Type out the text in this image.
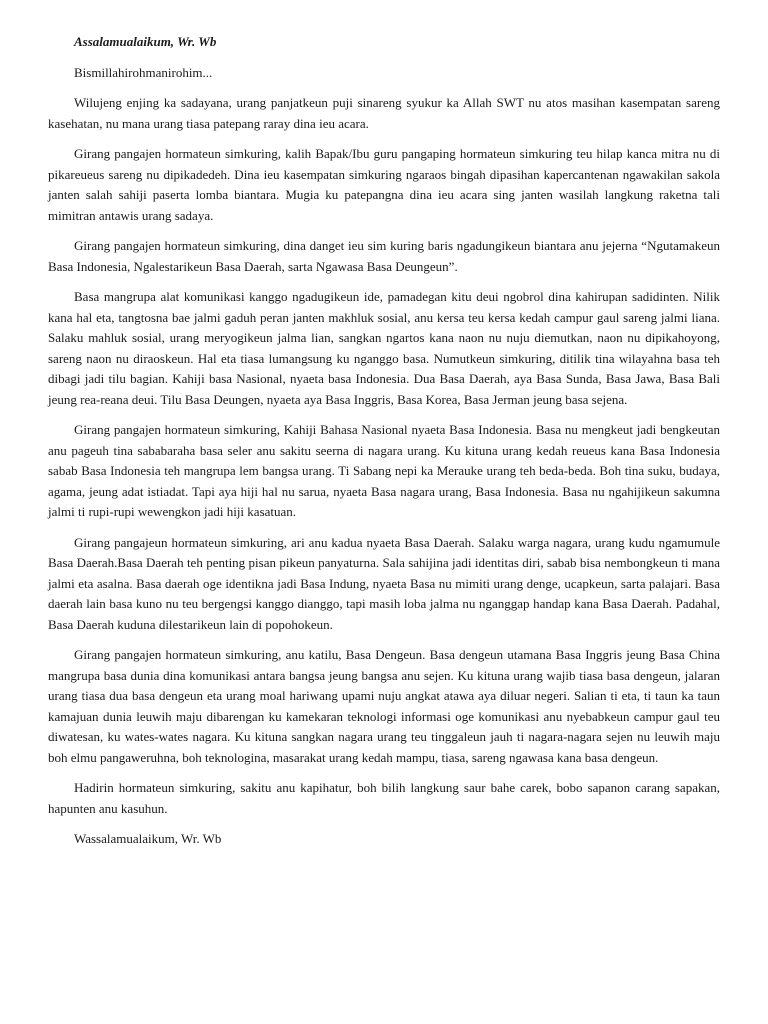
Assalamualaikum, Wr. Wb

Bismillahirohmanirohim...

Wilujeng enjing ka sadayana, urang panjatkeun puji sinareng syukur ka Allah SWT nu atos masihan kasempatan sareng kasehatan, nu mana urang tiasa patepang raray dina ieu acara.

Girang pangajen hormateun simkuring, kalih Bapak/Ibu guru pangaping hormateun simkuring teu hilap kanca mitra nu di pikareueus sareng nu dipikadedeh. Dina ieu kasempatan simkuring ngaraos bingah dipasihan kapercantenan ngawakilan sakola janten salah sahiji paserta lomba biantara. Mugia ku patepangna dina ieu acara sing janten wasilah langkung raketna tali mimitran antawis urang sadaya.

Girang pangajen hormateun simkuring, dina danget ieu sim kuring baris ngadungikeun biantara anu jejerna “Ngutamakeun Basa Indonesia, Ngalestarikeun Basa Daerah, sarta Ngawasa Basa Deungeun”.

Basa mangrupa alat komunikasi kanggo ngadugikeun ide, pamadegan kitu deui ngobrol dina kahirupan sadidinten. Nilik kana hal eta, tangtosna bae jalmi gaduh peran janten makhluk sosial, anu kersa teu kersa kedah campur gaul sareng jalmi liana. Salaku mahluk sosial, urang meryogikeun jalma lian, sangkan ngartos kana naon nu nuju diemutkan, naon nu dipikahoyong, sareng naon nu diraoskeun. Hal eta tiasa lumangsung ku nganggo basa. Numutkeun simkuring, ditilik tina wilayahna basa teh dibagi jadi tilu bagian. Kahiji basa Nasional, nyaeta basa Indonesia. Dua Basa Daerah, aya Basa Sunda, Basa Jawa, Basa Bali jeung rea-reana deui. Tilu Basa Deungen, nyaeta aya Basa Inggris, Basa Korea, Basa Jerman jeung basa sejena.

Girang pangajen hormateun simkuring, Kahiji Bahasa Nasional nyaeta Basa Indonesia. Basa nu mengkeut jadi bengkeutan anu pageuh tina sababaraha basa seler anu sakitu seerna di nagara urang. Ku kituna urang kedah reueus kana Basa Indonesia sabab Basa Indonesia teh mangrupa lem bangsa urang. Ti Sabang nepi ka Merauke urang teh beda-beda. Boh tina suku, budaya, agama, jeung adat istiadat. Tapi aya hiji hal nu sarua, nyaeta Basa nagara urang, Basa Indonesia. Basa nu ngahijikeun sakumna jalmi ti rupi-rupi wewengkon jadi hiji kasatuan.

Girang pangajeun hormateun simkuring, ari anu kadua nyaeta Basa Daerah. Salaku warga nagara, urang kudu ngamumule Basa Daerah.Basa Daerah teh penting pisan pikeun panyaturna. Sala sahijina jadi identitas diri, sabab bisa nembongkeun ti mana jalmi eta asalna. Basa daerah oge identikna jadi Basa Indung, nyaeta Basa nu mimiti urang denge, ucapkeun, sarta palajari. Basa daerah lain basa kuno nu teu bergengsi kanggo dianggo, tapi masih loba jalma nu nganggap handap kana Basa Daerah. Padahal, Basa Daerah kuduna dilestarikeun lain di popohokeun.

Girang pangajen hormateun simkuring, anu katilu, Basa Dengeun. Basa dengeun utamana Basa Inggris jeung Basa China mangrupa basa dunia dina komunikasi antara bangsa jeung bangsa anu sejen. Ku kituna urang wajib tiasa basa dengeun, jalaran urang tiasa dua basa dengeun eta urang moal hariwang upami nuju angkat atawa aya diluar negeri. Salian ti eta, ti taun ka taun kamajuan dunia leuwih maju dibarengan ku kamekaran teknologi informasi oge komunikasi anu nyebabkeun campur gaul teu diwatesan, ku wates-wates nagara. Ku kituna sangkan nagara urang teu tinggaleun jauh ti nagara-nagara sejen nu leuwih maju boh elmu pangaweruhna, boh teknologina, masarakat urang kedah mampu, tiasa, sareng ngawasa kana basa dengeun.

Hadirin hormateun simkuring, sakitu anu kapihatur, boh bilih langkung saur bahe carek, bobo sapanon carang sapakan, hapunten anu kasuhun.

Wassalamualaikum, Wr. Wb
